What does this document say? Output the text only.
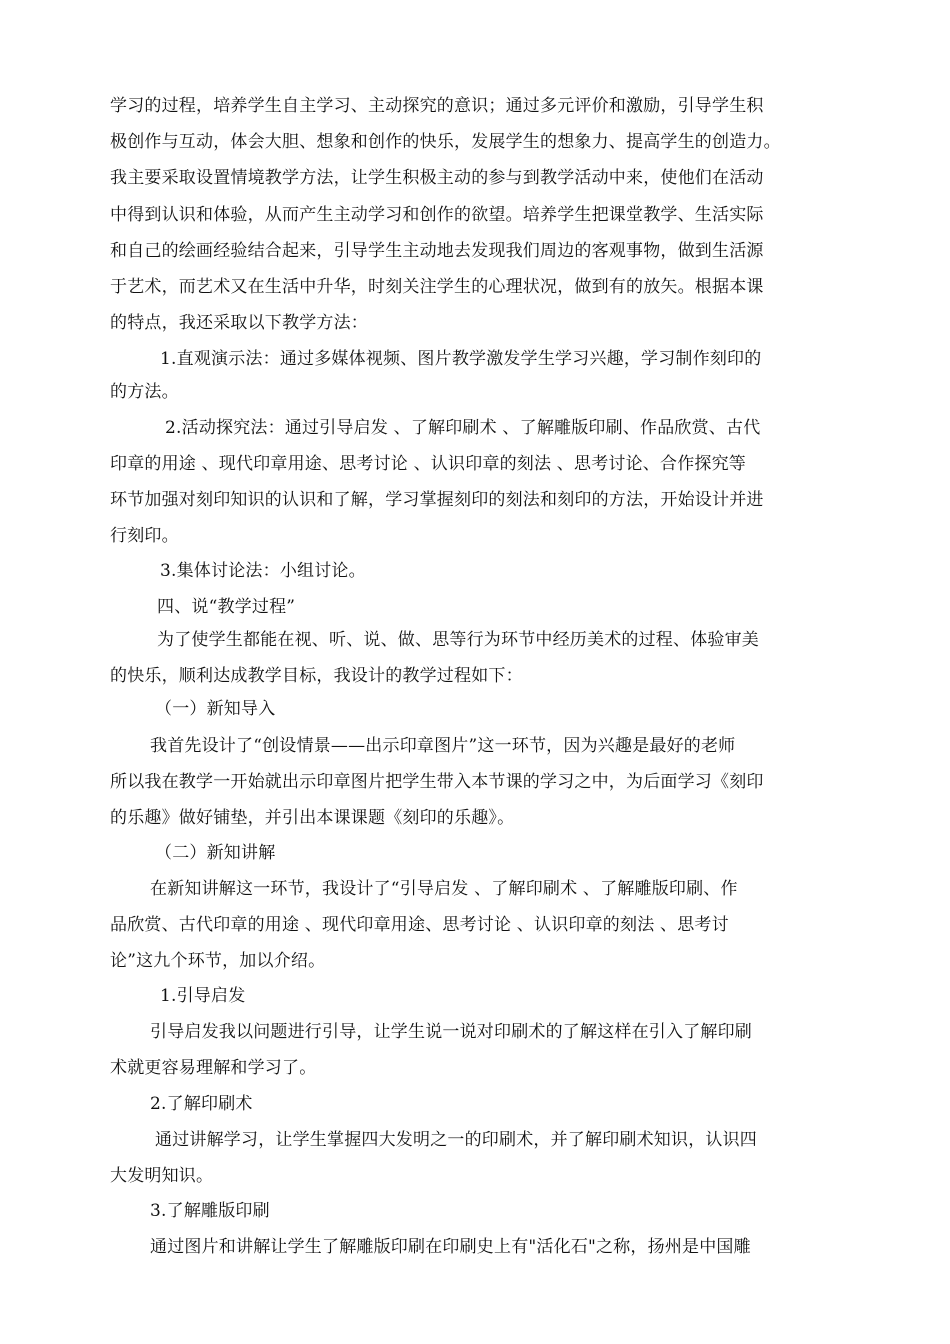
学习的过程，培养学生自主学习、主动探究的意识；通过多元评价和激励，引导学生积

极创作与互动，体会大胆、想象和创作的快乐，发展学生的想象力、提高学生的创造力。

我主要采取设置情境教学方法，让学生积极主动的参与到教学活动中来，使他们在活动

中得到认识和体验，从而产生主动学习和创作的欲望。培养学生把课堂教学、生活实际

和自己的绘画经验结合起来，引导学生主动地去发现我们周边的客观事物，做到生活源

于艺术，而艺术又在生活中升华，时刻关注学生的心理状况，做到有的放矢。根据本课

的特点，我还采取以下教学方法：

1.直观演示法：通过多媒体视频、图片教学激发学生学习兴趣，学习制作刻印的

的方法。

2.活动探究法：通过引导启发 、了解印刷术 、了解雕版印刷、作品欣赏、古代

印章的用途 、现代印章用途、思考讨论 、认识印章的刻法 、思考讨论、合作探究等

环节加强对刻印知识的认识和了解，学习掌握刻印的刻法和刻印的方法，开始设计并进

行刻印。

3.集体讨论法：小组讨论。

四、说“教学过程”

为了使学生都能在视、听、说、做、思等行为环节中经历美术的过程、体验审美

的快乐，顺利达成教学目标，我设计的教学过程如下：

（一）新知导入

我首先设计了“创设情景——出示印章图片”这一环节，因为兴趣是最好的老师

所以我在教学一开始就出示印章图片把学生带入本节课的学习之中，为后面学习《刻印

的乐趣》做好铺垫，并引出本课课题《刻印的乐趣》。

（二）新知讲解

在新知讲解这一环节，我设计了“引导启发 、了解印刷术 、了解雕版印刷、作

品欣赏、古代印章的用途 、现代印章用途、思考讨论 、认识印章的刻法 、思考讨

论”这九个环节，加以介绍。

1.引导启发

引导启发我以问题进行引导，让学生说一说对印刷术的了解这样在引入了解印刷

术就更容易理解和学习了。

2.了解印刷术

通过讲解学习，让学生掌握四大发明之一的印刷术，并了解印刷术知识，认识四

大发明知识。

3.了解雕版印刷

通过图片和讲解让学生了解雕版印刷在印刷史上有"活化石"之称，扬州是中国雕
